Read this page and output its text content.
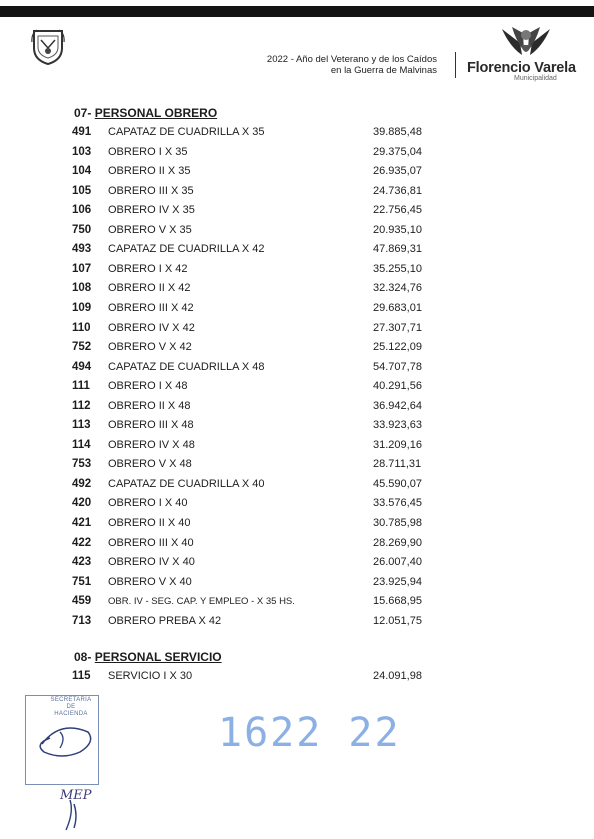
2022 - Año del Veterano y de los Caídos
en la Guerra de Malvinas Florencio Varela
Municipalidad
07- PERSONAL OBRERO
491 CAPATAZ DE CUADRILLA X 35	39.885,48
103 OBRERO I X 35	29.375,04
104 OBRERO II X 35	26.935,07
105 OBRERO III X 35	24.736,81
106 OBRERO IV X 35	22.756,45
750 OBRERO V X 35	20.935,10
493 CAPATAZ DE CUADRILLA X 42	47.869,31
107 OBRERO I X 42	35.255,10
108 OBRERO II X 42	32.324,76
109 OBRERO III X 42	29.683,01
110 OBRERO IV X 42	27.307,71
752 OBRERO V X 42	25.122,09
494 CAPATAZ DE CUADRILLA X 48	54.707,78
111 OBRERO I X 48	40.291,56
112 OBRERO II X 48	36.942,64
113 OBRERO III X 48	33.923,63
114 OBRERO IV X 48	31.209,16
753 OBRERO V X 48	28.711,31
492 CAPATAZ DE CUADRILLA X 40	45.590,07
420 OBRERO I X 40	33.576,45
421 OBRERO II X 40	30.785,98
422 OBRERO III X 40	28.269,90
423 OBRERO IV X 40	26.007,40
751 OBRERO V X 40	23.925,94
459 OBR. IV - SEG. CAP. Y EMPLEO - X 35 HS.	15.668,95
713 OBRERO PREBA X 42	12.051,75
08- PERSONAL SERVICIO
115 SERVICIO I X 30	24.091,98
SECRETARIA
DE
HACIENDA
MEP
1622 22
